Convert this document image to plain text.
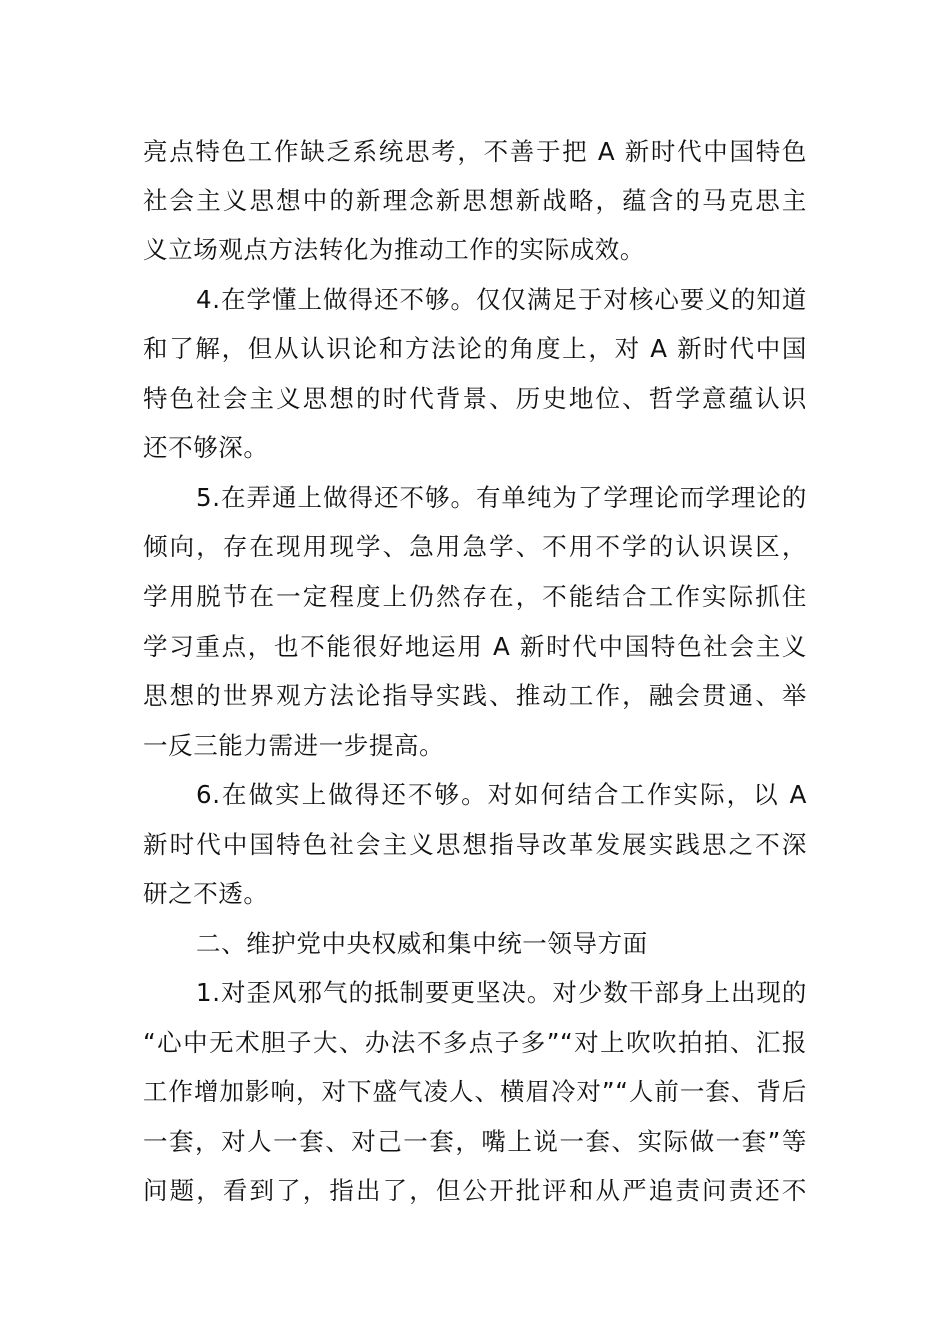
亮点特色工作缺乏系统思考，不善于把 A 新时代中国特色
社会主义思想中的新理念新思想新战略，蕴含的马克思主
义立场观点方法转化为推动工作的实际成效。
4.在学懂上做得还不够。仅仅满足于对核心要义的知道
和了解，但从认识论和方法论的角度上，对 A 新时代中国
特色社会主义思想的时代背景、历史地位、哲学意蕴认识
还不够深。
5.在弄通上做得还不够。有单纯为了学理论而学理论的
倾向，存在现用现学、急用急学、不用不学的认识误区，
学用脱节在一定程度上仍然存在，不能结合工作实际抓住
学习重点，也不能很好地运用 A 新时代中国特色社会主义
思想的世界观方法论指导实践、推动工作，融会贯通、举
一反三能力需进一步提高。
6.在做实上做得还不够。对如何结合工作实际，以 A
新时代中国特色社会主义思想指导改革发展实践思之不深
研之不透。
二、维护党中央权威和集中统一领导方面
1.对歪风邪气的抵制要更坚决。对少数干部身上出现的
“心中无术胆子大、办法不多点子多”“对上吹吹拍拍、汇报
工作增加影响，对下盛气凌人、横眉冷对”“人前一套、背后
一套，对人一套、对己一套，嘴上说一套、实际做一套”等
问题，看到了，指出了，但公开批评和从严追责问责还不
